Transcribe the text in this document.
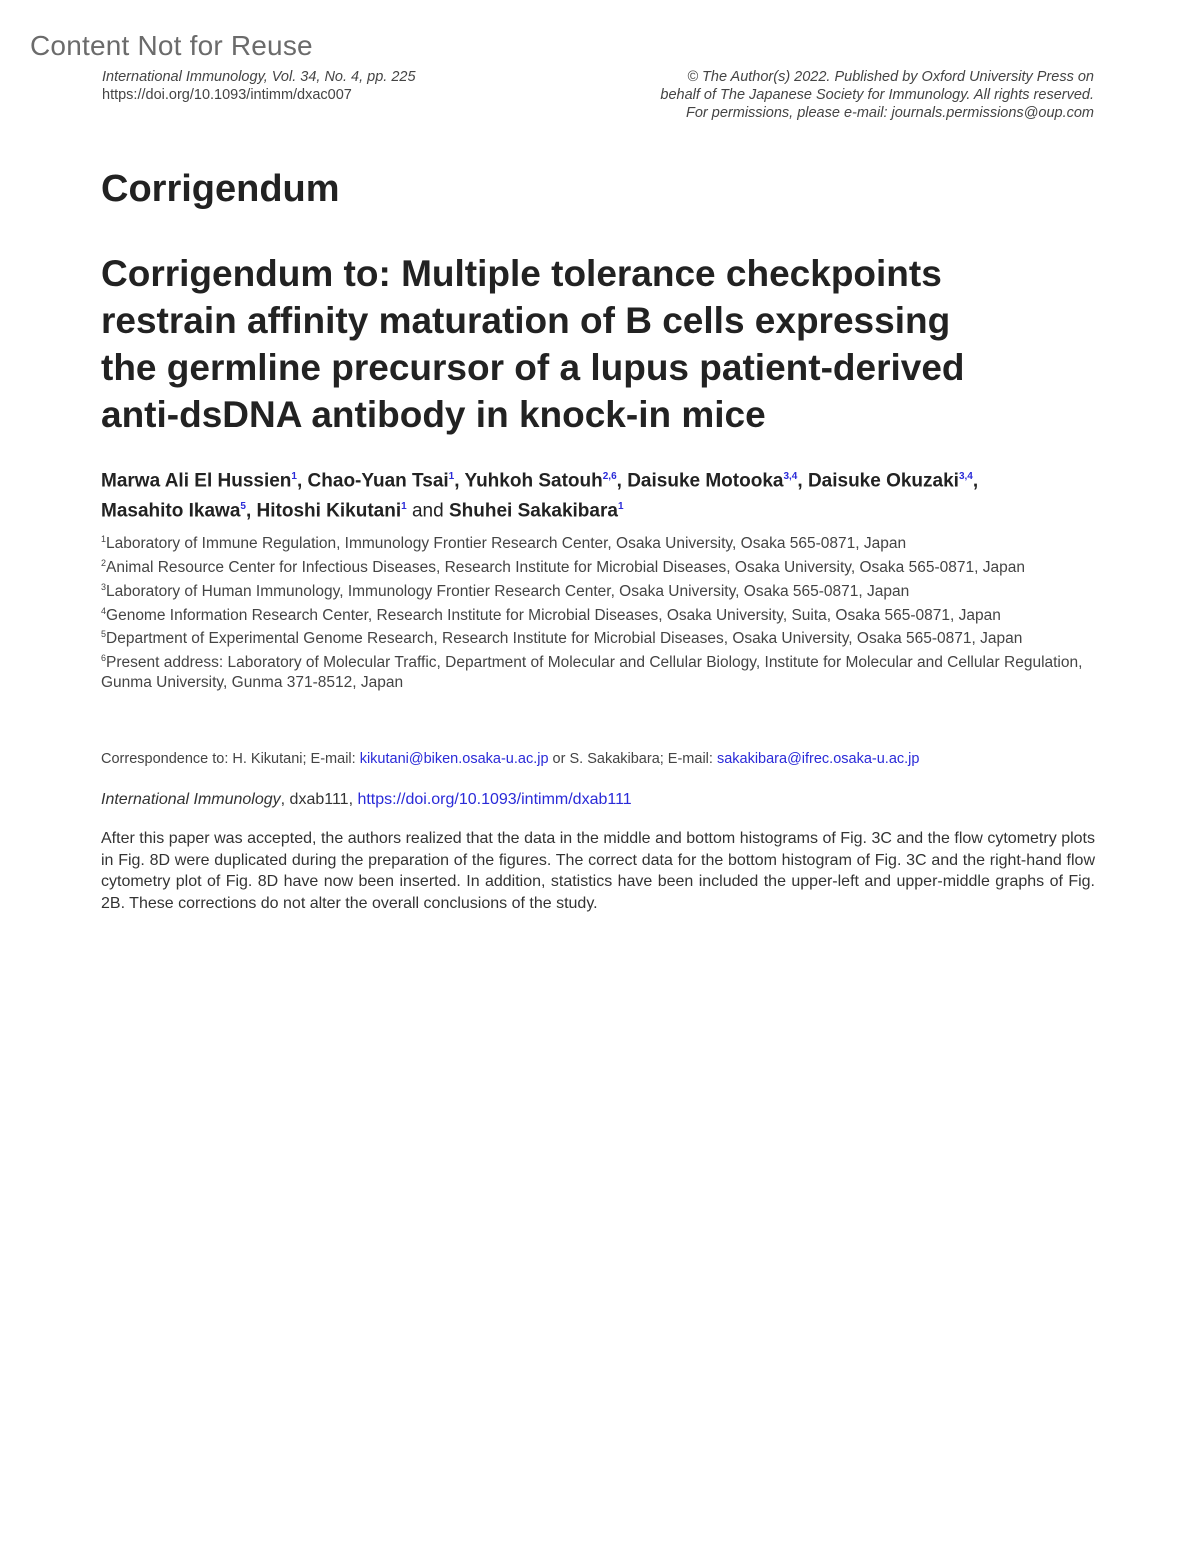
Content Not for Reuse
International Immunology, Vol. 34, No. 4, pp. 225
https://doi.org/10.1093/intimm/dxac007
© The Author(s) 2022. Published by Oxford University Press on
behalf of The Japanese Society for Immunology. All rights reserved.
For permissions, please e-mail: journals.permissions@oup.com
Corrigendum
Corrigendum to: Multiple tolerance checkpoints
restrain affinity maturation of B cells expressing
the germline precursor of a lupus patient-derived
anti-dsDNA antibody in knock-in mice
Marwa Ali El Hussien$^1$, Chao-Yuan Tsai$^1$, Yuhkoh Satouh$^{2,6}$, Daisuke Motooka$^{3,4}$, Daisuke Okuzaki$^{3,4}$,
Masahito Ikawa$^5$, Hitoshi Kikutani$^1$ and Shuhei Sakakibara$^1$
$^1$Laboratory of Immune Regulation, Immunology Frontier Research Center, Osaka University, Osaka 565-0871, Japan
$^2$Animal Resource Center for Infectious Diseases, Research Institute for Microbial Diseases, Osaka University, Osaka 565-0871, Japan
$^3$Laboratory of Human Immunology, Immunology Frontier Research Center, Osaka University, Osaka 565-0871, Japan
$^4$Genome Information Research Center, Research Institute for Microbial Diseases, Osaka University, Suita, Osaka 565-0871, Japan
$^5$Department of Experimental Genome Research, Research Institute for Microbial Diseases, Osaka University, Osaka 565-0871, Japan
$^6$Present address: Laboratory of Molecular Traffic, Department of Molecular and Cellular Biology, Institute for Molecular and Cellular Regulation, Gunma University, Gunma 371-8512, Japan
Correspondence to: H. Kikutani; E-mail: kikutani@biken.osaka-u.ac.jp or S. Sakakibara; E-mail: sakakibara@ifrec.osaka-u.ac.jp
International Immunology, dxab111, https://doi.org/10.1093/intimm/dxab111

After this paper was accepted, the authors realized that the data in the middle and bottom histograms of Fig. 3C and the flow cytometry plots in Fig. 8D were duplicated during the preparation of the figures. The correct data for the bottom histogram of Fig. 3C and the right-hand flow cytometry plot of Fig. 8D have now been inserted. In addition, statistics have been included the upper-left and upper-middle graphs of Fig. 2B. These corrections do not alter the overall conclusions of the study.
